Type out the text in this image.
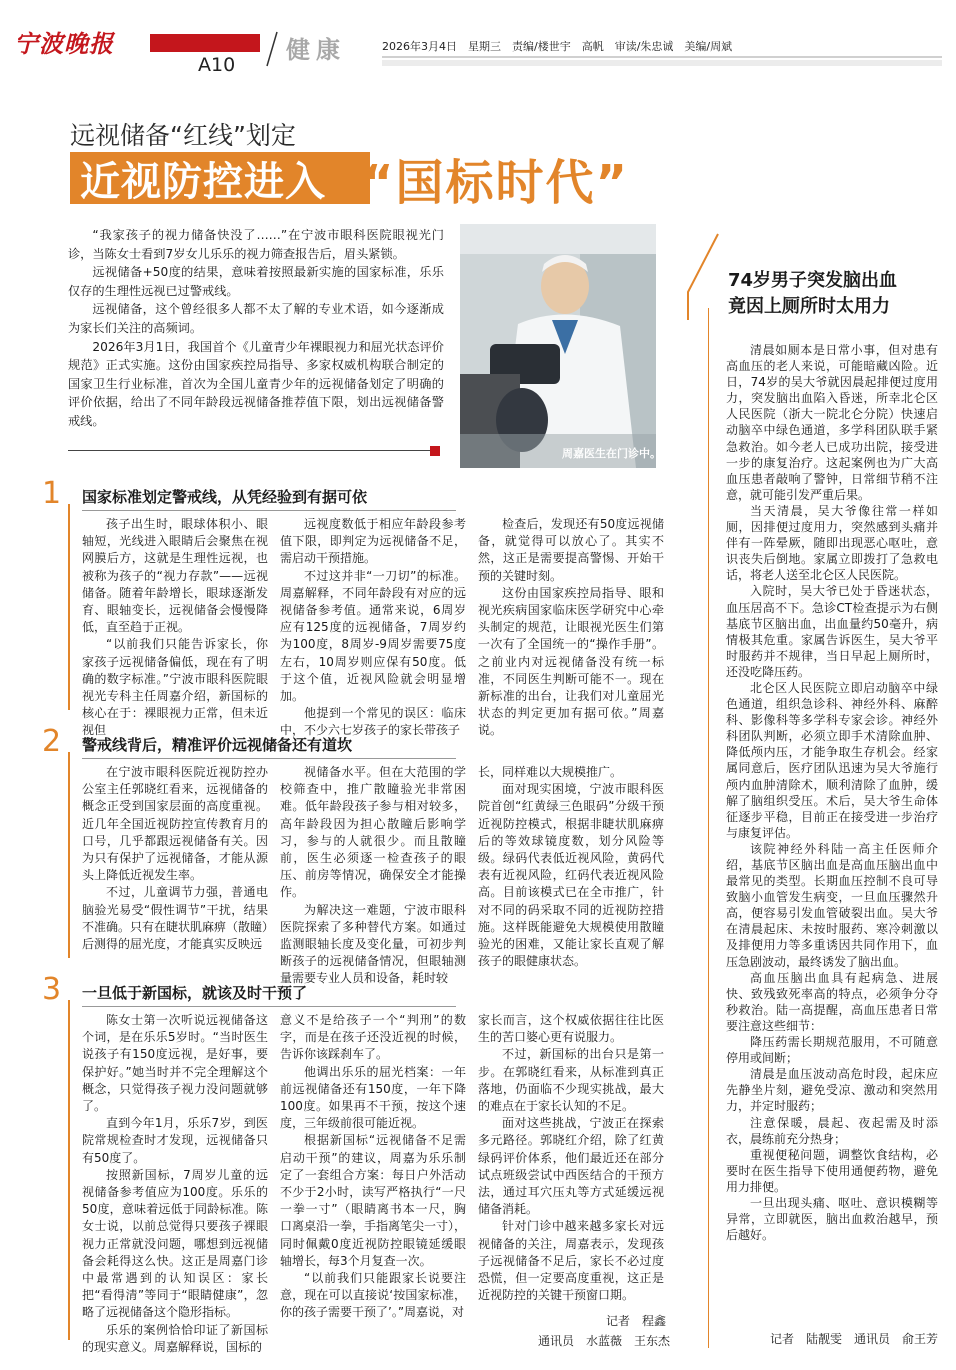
宁波晚报
A10
健康	2026年3月4日　星期三　责编/楼世宇　高帆　审读/朱忠诚　美编/周斌
远视储备“红线”划定
近视防控进入 “国标时代”

“我家孩子的视力储备快没了……”在宁波市眼科医院眼视光门诊，当陈女士看到7岁女儿乐乐的视力筛查报告后，眉头紧锁。

远视储备+50度的结果，意味着按照最新实施的国家标准，乐乐仅存的生理性远视已过警戒线。

远视储备，这个曾经很多人都不太了解的专业术语，如今逐渐成为家长们关注的高频词。

2026年3月1日，我国首个《儿童青少年裸眼视力和屈光状态评价规范》正式实施。这份由国家疾控局指导、多家权威机构联合制定的国家卫生行业标准，首次为全国儿童青少年的远视储备划定了明确的评价依据，给出了不同年龄段远视储备推荐值下限，划出远视储备警戒线。

周嘉医生在门诊中。
74岁男子突发脑出血
竟因上厕所时太用力

清晨如厕本是日常小事，但对患有高血压的老人来说，可能暗藏凶险。近日，74岁的吴大爷就因晨起排便过度用力，突发脑出血陷入昏迷，所幸北仑区人民医院（浙大一院北仑分院）快速启动脑卒中绿色通道，多学科团队联手紧急救治。如今老人已成功出院，接受进一步的康复治疗。这起案例也为广大高血压患者敲响了警钟，日常细节稍不注意，就可能引发严重后果。

当天清晨，吴大爷像往常一样如厕，因排便过度用力，突然感到头痛并伴有一阵晕厥，随即出现恶心呕吐，意识丧失后倒地。家属立即拨打了急救电话，将老人送至北仑区人民医院。

入院时，吴大爷已处于昏迷状态，血压居高不下。急诊CT检查提示为右侧基底节区脑出血，出血量约50毫升，病情极其危重。家属告诉医生，吴大爷平时服药并不规律，当日早起上厕所时，还没吃降压药。

北仑区人民医院立即启动脑卒中绿色通道，组织急诊科、神经外科、麻醉科、影像科等多学科专家会诊。神经外科团队判断，必须立即手术清除血肿、降低颅内压，才能争取生存机会。经家属同意后，医疗团队迅速为吴大爷施行颅内血肿清除术，顺利清除了血肿，缓解了脑组织受压。术后，吴大爷生命体征逐步平稳，目前正在接受进一步治疗与康复评估。

该院神经外科陆一高主任医师介绍，基底节区脑出血是高血压脑出血中最常见的类型。长期血压控制不良可导致脑小血管发生病变，一旦血压骤然升高，便容易引发血管破裂出血。吴大爷在清晨起床、未按时服药、寒冷刺激以及排便用力等多重诱因共同作用下，血压急剧波动，最终诱发了脑出血。

高血压脑出血具有起病急、进展快、致残致死率高的特点，必须争分夺秒救治。陆一高提醒，高血压患者日常要注意这些细节：

降压药需长期规范服用，不可随意停用或间断；

清晨是血压波动高危时段，起床应先静坐片刻，避免受凉、激动和突然用力，并定时服药；

注意保暖，晨起、夜起需及时添衣，晨练前充分热身；

重视便秘问题，调整饮食结构，必要时在医生指导下使用通便药物，避免用力排便。

一旦出现头痛、呕吐、意识模糊等异常，立即就医，脑出血救治越早，预后越好。

记者　陆靓雯　通讯员　俞王芳
1 国家标准划定警戒线，从凭经验到有据可依

孩子出生时，眼球体积小、眼轴短，光线进入眼睛后会聚焦在视网膜后方，这就是生理性远视，也被称为孩子的“视力存款”——远视储备。随着年龄增长，眼球逐渐发育、眼轴变长，远视储备会慢慢降低，直至趋于正视。

“以前我们只能告诉家长，你家孩子远视储备偏低，现在有了明确的数字标准。”宁波市眼科医院眼视光专科主任周嘉介绍，新国标的核心在于：裸眼视力正常，但未近视但

远视度数低于相应年龄段参考值下限，即判定为远视储备不足，需启动干预措施。

不过这并非“一刀切”的标准。周嘉解释，不同年龄段有对应的远视储备参考值。通常来说，6周岁应有125度的远视储备，7周岁约为100度，8周岁-9周岁需要75度左右，10周岁则应保有50度。低于这个值，近视风险就会明显增加。

他提到一个常见的误区：临床中，不少六七岁孩子的家长带孩子

检查后，发现还有50度远视储备，就觉得可以放心了。其实不然，这正是需要提高警惕、开始干预的关键时刻。

这份由国家疾控局指导、眼和视光疾病国家临床医学研究中心牵头制定的规范，让眼视光医生们第一次有了全国统一的“操作手册”。之前业内对远视储备没有统一标准，不同医生判断可能不一。现在新标准的出台，让我们对儿童屈光状态的判定更加有据可依。”周嘉说。

2 警戒线背后，精准评价远视储备还有道坎

在宁波市眼科医院近视防控办公室主任郭晓红看来，远视储备的概念正受到国家层面的高度重视。近几年全国近视防控宣传教育月的口号，几乎都跟远视储备有关。因为只有保护了远视储备，才能从源头上降低近视发生率。

不过，儿童调节力强，普通电脑验光易受“假性调节”干扰，结果不准确。只有在睫状肌麻痹（散瞳）后测得的屈光度，才能真实反映远

视储备水平。但在大范围的学校筛查中，推广散瞳验光非常困难。低年龄段孩子参与相对较多，高年龄段因为担心散瞳后影响学习，参与的人就很少。而且散瞳前，医生必须逐一检查孩子的眼压、前房等情况，确保安全才能操作。

为解决这一难题，宁波市眼科医院探索了多种替代方案。如通过监测眼轴长度及变化量，可初步判断孩子的远视储备情况，但眼轴测量需要专业人员和设备，耗时较

长，同样难以大规模推广。

面对现实困境，宁波市眼科医院首创“红黄绿三色眼码”分级干预近视防控模式，根据非睫状肌麻痹后的等效球镜度数，划分风险等级。绿码代表低近视风险，黄码代表有近视风险，红码代表近视风险高。目前该模式已在全市推广，针对不同的码采取不同的近视防控措施。这样既能避免大规模使用散瞳验光的困难，又能让家长直观了解孩子的眼健康状态。

3 一旦低于新国标，就该及时干预了

陈女士第一次听说远视储备这个词，是在乐乐5岁时。“当时医生说孩子有150度远视，是好事，要保护好。”她当时并不完全理解这个概念，只觉得孩子视力没问题就够了。

直到今年1月，乐乐7岁，到医院常规检查时才发现，远视储备只有50度了。

按照新国标，7周岁儿童的远视储备参考值应为100度。乐乐的50度，意味着远低于同龄标准。陈女士说，以前总觉得只要孩子裸眼视力正常就没问题，哪想到远视储备会耗得这么快。这正是周嘉门诊中最常遇到的认知误区：家长把“看得清”等同于“眼睛健康”，忽略了远视储备这个隐形指标。

乐乐的案例恰恰印证了新国标的现实意义。周嘉解释说，国标的

意义不是给孩子一个“判刑”的数字，而是在孩子还没近视的时候，告诉你该踩刹车了。

他调出乐乐的屈光档案：一年前远视储备还有150度，一年下降100度。如果再不干预，按这个速度，三年级前很可能近视。

根据新国标“远视储备不足需启动干预”的建议，周嘉为乐乐制定了一套组合方案：每日户外活动不少于2小时，读写严格执行“一尺一拳一寸”（眼睛离书本一尺，胸口离桌沿一拳，手指离笔尖一寸），同时佩戴0度近视防控眼镜延缓眼轴增长，每3个月复查一次。

“以前我们只能跟家长说要注意，现在可以直接说‘按国家标准，你的孩子需要干预了’。”周嘉说，对

家长而言，这个权威依据往往比医生的苦口婆心更有说服力。

不过，新国标的出台只是第一步。在郭晓红看来，从标准到真正落地，仍面临不少现实挑战，最大的难点在于家长认知的不足。

面对这些挑战，宁波正在探索多元路径。郭晓红介绍，除了红黄绿码评价体系，他们最近还在部分试点班级尝试中西医结合的干预方法，通过耳穴压丸等方式延缓远视储备消耗。

针对门诊中越来越多家长对远视储备的关注，周嘉表示，发现孩子远视储备不足后，家长不必过度恐慌，但一定要高度重视，这正是近视防控的关键干预窗口期。

记者　程鑫
通讯员　水蓝薇　王东杰
